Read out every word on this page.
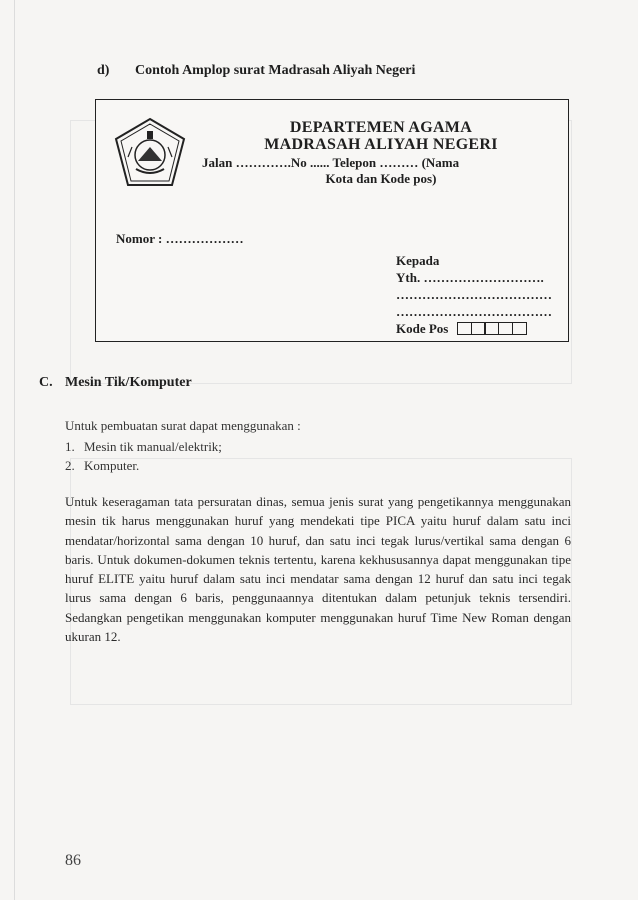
d) Contoh Amplop surat Madrasah Aliyah Negeri
DEPARTEMEN AGAMA
MADRASAH ALIYAH NEGERI
Jalan ………….No ...... Telepon ……… (Nama
Kota dan Kode pos)
Nomor : ………………
Kepada
Yth. ……………………….
………………………………
………………………………
Kode Pos
C. Mesin Tik/Komputer
Untuk pembuatan surat dapat menggunakan :
1. Mesin tik manual/elektrik;
2. Komputer.
Untuk keseragaman tata persuratan dinas, semua jenis surat yang pengetikannya menggunakan mesin tik harus menggunakan huruf yang mendekati tipe PICA yaitu huruf dalam satu inci mendatar/horizontal sama dengan 10 huruf, dan satu inci tegak lurus/vertikal sama dengan 6 baris. Untuk dokumen-dokumen teknis tertentu, karena kekhususannya dapat menggunakan tipe huruf ELITE yaitu huruf dalam satu inci mendatar sama dengan 12 huruf dan satu inci tegak lurus sama dengan 6 baris, penggunaannya ditentukan dalam petunjuk teknis tersendiri. Sedangkan pengetikan menggunakan komputer menggunakan huruf Time New Roman dengan ukuran 12.
86
